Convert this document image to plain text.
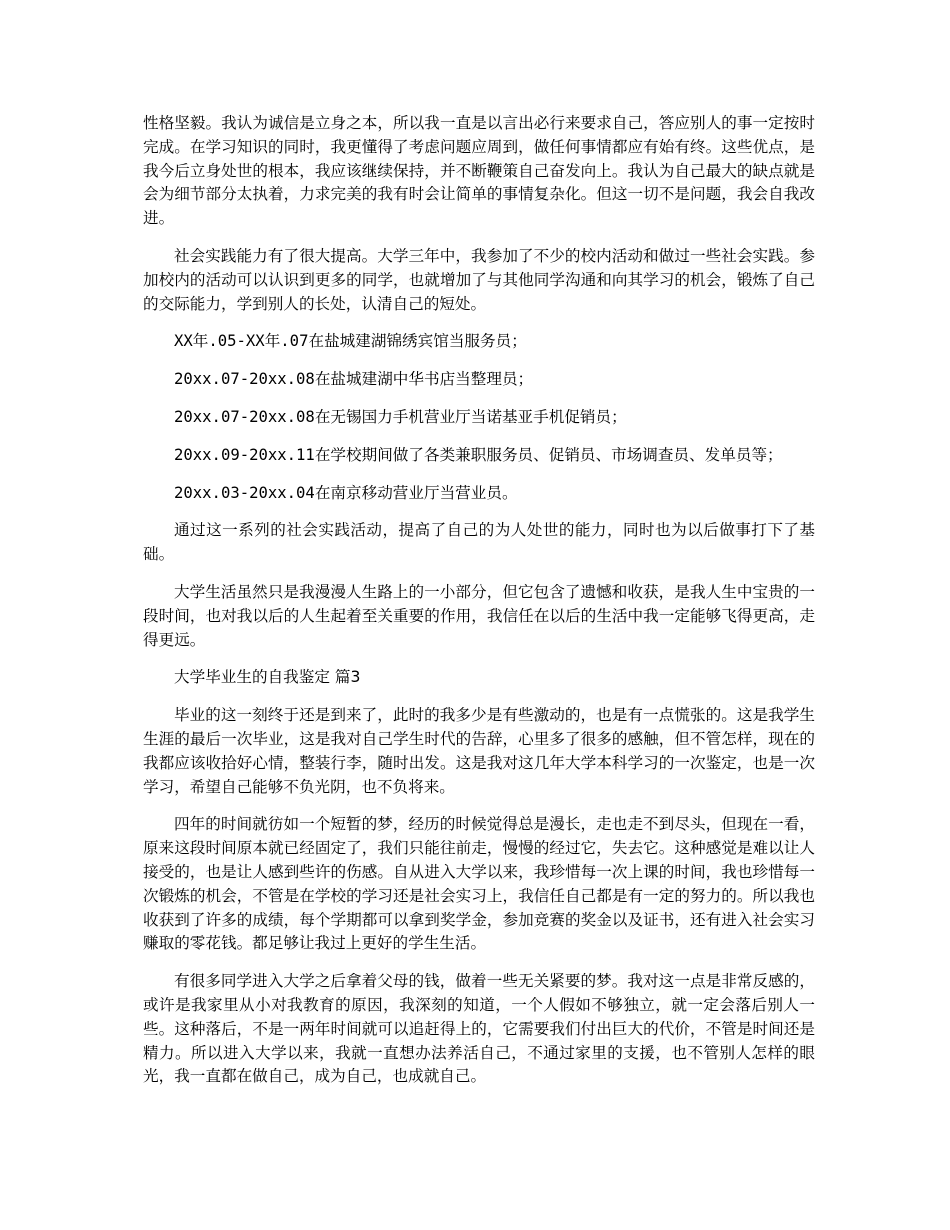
性格坚毅。我认为诚信是立身之本，所以我一直是以言出必行来要求自己，答应别人的事一定按时完成。在学习知识的同时，我更懂得了考虑问题应周到，做任何事情都应有始有终。这些优点，是我今后立身处世的根本，我应该继续保持，并不断鞭策自己奋发向上。我认为自己最大的缺点就是会为细节部分太执着，力求完美的我有时会让简单的事情复杂化。但这一切不是问题，我会自我改进。

社会实践能力有了很大提高。大学三年中，我参加了不少的校内活动和做过一些社会实践。参加校内的活动可以认识到更多的同学，也就增加了与其他同学沟通和向其学习的机会，锻炼了自己的交际能力，学到别人的长处，认清自己的短处。

XX年.05-XX年.07在盐城建湖锦绣宾馆当服务员；

20xx.07-20xx.08在盐城建湖中华书店当整理员；

20xx.07-20xx.08在无锡国力手机营业厅当诺基亚手机促销员；

20xx.09-20xx.11在学校期间做了各类兼职服务员、促销员、市场调查员、发单员等；

20xx.03-20xx.04在南京移动营业厅当营业员。

通过这一系列的社会实践活动，提高了自己的为人处世的能力，同时也为以后做事打下了基础。

大学生活虽然只是我漫漫人生路上的一小部分，但它包含了遗憾和收获，是我人生中宝贵的一段时间，也对我以后的人生起着至关重要的作用，我信任在以后的生活中我一定能够飞得更高，走得更远。

大学毕业生的自我鉴定 篇3

毕业的这一刻终于还是到来了，此时的我多少是有些激动的，也是有一点慌张的。这是我学生生涯的最后一次毕业，这是我对自己学生时代的告辞，心里多了很多的感触，但不管怎样，现在的我都应该收拾好心情，整装行李，随时出发。这是我对这几年大学本科学习的一次鉴定，也是一次学习，希望自己能够不负光阴，也不负将来。

四年的时间就彷如一个短暂的梦，经历的时候觉得总是漫长，走也走不到尽头，但现在一看，原来这段时间原本就已经固定了，我们只能往前走，慢慢的经过它，失去它。这种感觉是难以让人接受的，也是让人感到些许的伤感。自从进入大学以来，我珍惜每一次上课的时间，我也珍惜每一次锻炼的机会，不管是在学校的学习还是社会实习上，我信任自己都是有一定的努力的。所以我也收获到了许多的成绩，每个学期都可以拿到奖学金，参加竞赛的奖金以及证书，还有进入社会实习赚取的零花钱。都足够让我过上更好的学生生活。

有很多同学进入大学之后拿着父母的钱，做着一些无关紧要的梦。我对这一点是非常反感的，或许是我家里从小对我教育的原因，我深刻的知道，一个人假如不够独立，就一定会落后别人一些。这种落后，不是一两年时间就可以追赶得上的，它需要我们付出巨大的代价，不管是时间还是精力。所以进入大学以来，我就一直想办法养活自己，不通过家里的支援，也不管别人怎样的眼光，我一直都在做自己，成为自己，也成就自己。
